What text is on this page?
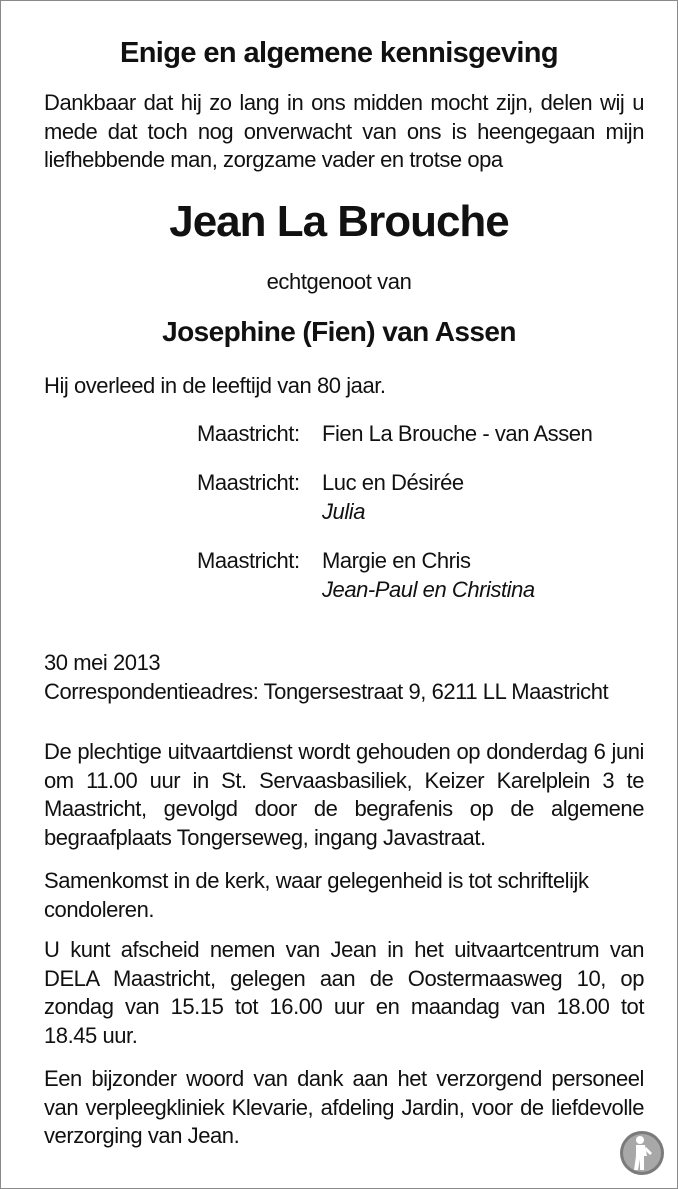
Enige en algemene kennisgeving
Dankbaar dat hij zo lang in ons midden mocht zijn, delen wij u mede dat toch nog onverwacht van ons is heengegaan mijn liefhebbende man, zorgzame vader en trotse opa
Jean La Brouche
echtgenoot van
Josephine (Fien) van Assen
Hij overleed in de leeftijd van 80 jaar.
Maastricht: Fien La Brouche - van Assen
Maastricht: Luc en Désirée
Julia
Maastricht: Margie en Chris
Jean-Paul en Christina
30 mei 2013
Correspondentieadres: Tongersestraat 9, 6211 LL Maastricht
De plechtige uitvaartdienst wordt gehouden op donderdag 6 juni om 11.00 uur in St. Servaasbasiliek, Keizer Karelplein 3 te Maastricht, gevolgd door de begrafenis op de algemene begraafplaats Tongerseweg, ingang Javastraat.
Samenkomst in de kerk, waar gelegenheid is tot schriftelijk condoleren.
U kunt afscheid nemen van Jean in het uitvaartcentrum van DELA Maastricht, gelegen aan de Oostermaasweg 10, op zondag van 15.15 tot 16.00 uur en maandag van 18.00 tot 18.45 uur.
Een bijzonder woord van dank aan het verzorgend personeel van verpleegkliniek Klevarie, afdeling Jardin, voor de liefdevolle verzorging van Jean.
